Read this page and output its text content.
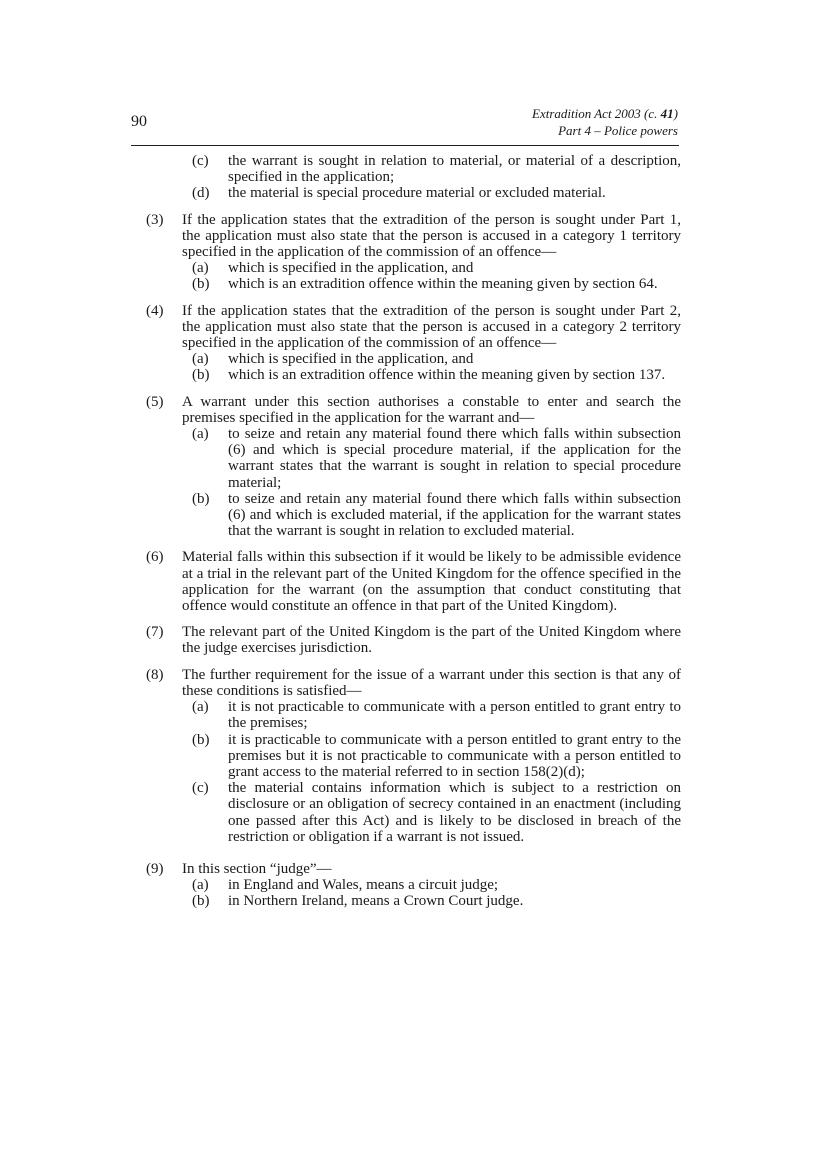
90	Extradition Act 2003 (c. 41)
Part 4 – Police powers
(c) the warrant is sought in relation to material, or material of a description, specified in the application;
(d) the material is special procedure material or excluded material.
(3) If the application states that the extradition of the person is sought under Part 1, the application must also state that the person is accused in a category 1 territory specified in the application of the commission of an offence—
(a) which is specified in the application, and
(b) which is an extradition offence within the meaning given by section 64.
(4) If the application states that the extradition of the person is sought under Part 2, the application must also state that the person is accused in a category 2 territory specified in the application of the commission of an offence—
(a) which is specified in the application, and
(b) which is an extradition offence within the meaning given by section 137.
(5) A warrant under this section authorises a constable to enter and search the premises specified in the application for the warrant and—
(a) to seize and retain any material found there which falls within subsection (6) and which is special procedure material, if the application for the warrant states that the warrant is sought in relation to special procedure material;
(b) to seize and retain any material found there which falls within subsection (6) and which is excluded material, if the application for the warrant states that the warrant is sought in relation to excluded material.
(6) Material falls within this subsection if it would be likely to be admissible evidence at a trial in the relevant part of the United Kingdom for the offence specified in the application for the warrant (on the assumption that conduct constituting that offence would constitute an offence in that part of the United Kingdom).
(7) The relevant part of the United Kingdom is the part of the United Kingdom where the judge exercises jurisdiction.
(8) The further requirement for the issue of a warrant under this section is that any of these conditions is satisfied—
(a) it is not practicable to communicate with a person entitled to grant entry to the premises;
(b) it is practicable to communicate with a person entitled to grant entry to the premises but it is not practicable to communicate with a person entitled to grant access to the material referred to in section 158(2)(d);
(c) the material contains information which is subject to a restriction on disclosure or an obligation of secrecy contained in an enactment (including one passed after this Act) and is likely to be disclosed in breach of the restriction or obligation if a warrant is not issued.
(9) In this section “judge”—
(a) in England and Wales, means a circuit judge;
(b) in Northern Ireland, means a Crown Court judge.
